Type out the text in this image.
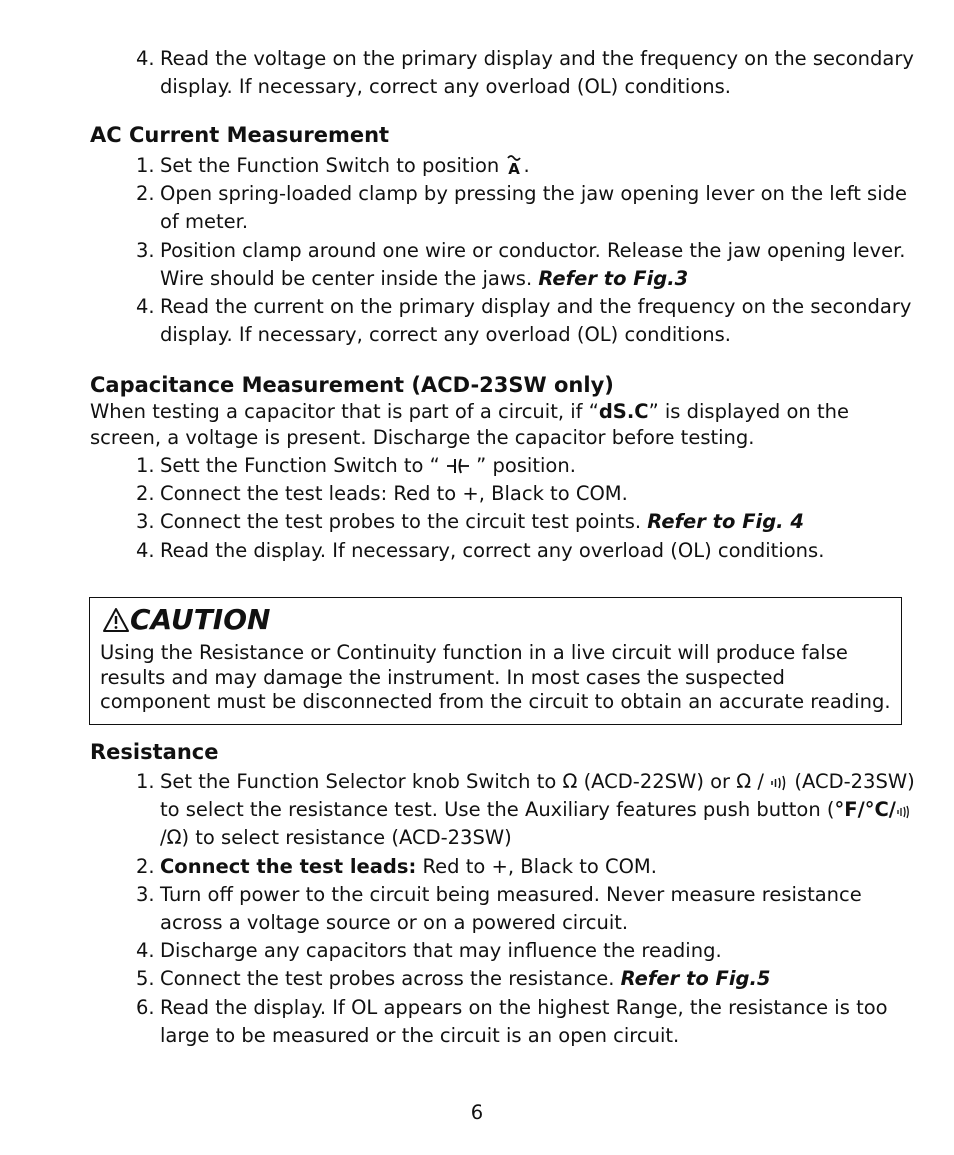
4. Read the voltage on the primary display and the frequency on the secondary display. If necessary, correct any overload (OL) conditions.
AC Current Measurement
1. Set the Function Switch to position A .
2. Open spring-loaded clamp by pressing the jaw opening lever on the left side of meter.
3. Position clamp around one wire or conductor. Release the jaw opening lever. Wire should be center inside the jaws. Refer to Fig.3
4. Read the current on the primary display and the frequency on the secondary display. If necessary, correct any overload (OL) conditions.
Capacitance Measurement (ACD-23SW only)
When testing a capacitor that is part of a circuit, if “dS.C” is displayed on the screen, a voltage is present. Discharge the capacitor before testing.
1. Sett the Function Switch to “  ” position.
2. Connect the test leads: Red to +, Black to COM.
3. Connect the test probes to the circuit test points. Refer to Fig. 4
4. Read the display. If necessary, correct any overload (OL) conditions.
CAUTION
Using the Resistance or Continuity function in a live circuit will produce false results and may damage the instrument. In most cases the suspected component must be disconnected from the circuit to obtain an accurate reading.
Resistance
1. Set the Function Selector knob Switch to Ω (ACD-22SW) or Ω /  (ACD-23SW) to select the resistance test. Use the Auxiliary features push button (°F/°C//Ω) to select resistance (ACD-23SW)
2. Connect the test leads: Red to +, Black to COM.
3. Turn off power to the circuit being measured. Never measure resistance across a voltage source or on a powered circuit.
4. Discharge any capacitors that may influence the reading.
5. Connect the test probes across the resistance. Refer to Fig.5
6. Read the display. If OL appears on the highest Range, the resistance is too large to be measured or the circuit is an open circuit.
6
